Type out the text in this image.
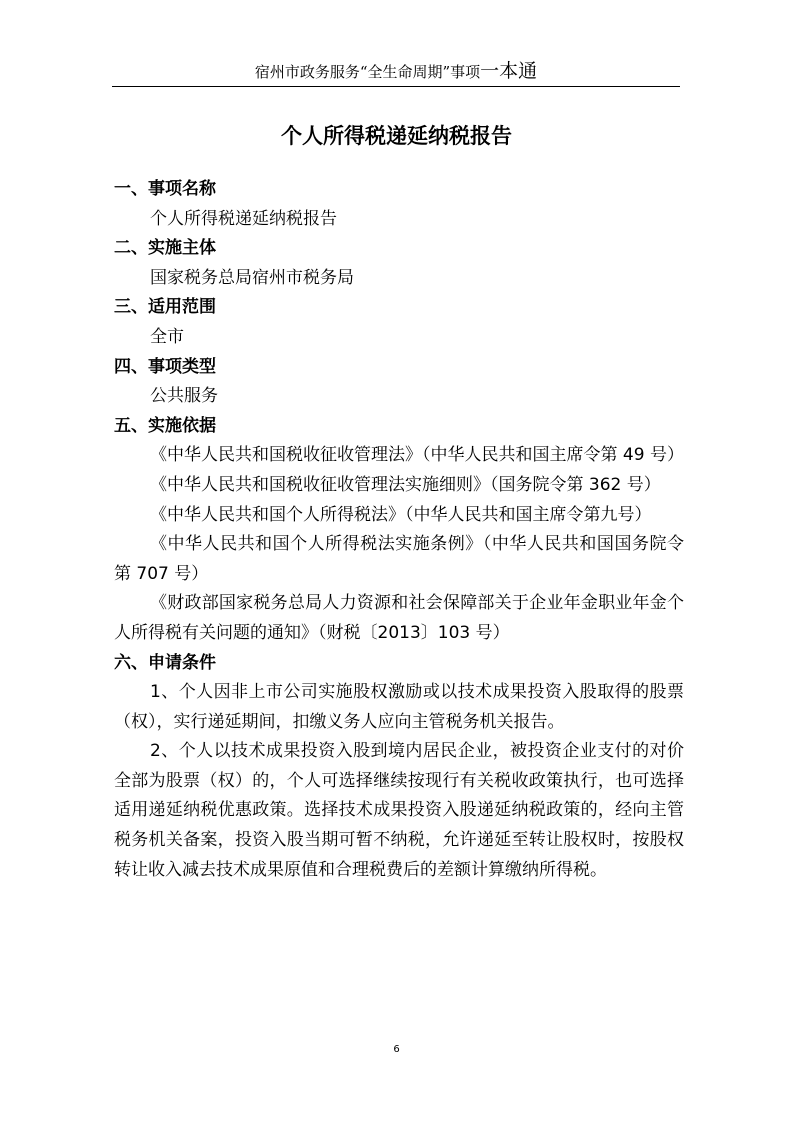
宿州市政务服务“全生命周期”事项一本通
个人所得税递延纳税报告
一、事项名称
个人所得税递延纳税报告
二、实施主体
国家税务总局宿州市税务局
三、适用范围
全市
四、事项类型
公共服务
五、实施依据
《中华人民共和国税收征收管理法》（中华人民共和国主席令第 49 号）
《中华人民共和国税收征收管理法实施细则》（国务院令第 362 号）
《中华人民共和国个人所得税法》（中华人民共和国主席令第九号）
《中华人民共和国个人所得税法实施条例》（中华人民共和国国务院令第 707 号）
《财政部国家税务总局人力资源和社会保障部关于企业年金职业年金个人所得税有关问题的通知》（财税〔2013〕103 号）
六、申请条件
1、个人因非上市公司实施股权激励或以技术成果投资入股取得的股票（权），实行递延期间，扣缴义务人应向主管税务机关报告。
2、个人以技术成果投资入股到境内居民企业，被投资企业支付的对价全部为股票（权）的，个人可选择继续按现行有关税收政策执行，也可选择适用递延纳税优惠政策。选择技术成果投资入股递延纳税政策的，经向主管税务机关备案，投资入股当期可暂不纳税，允许递延至转让股权时，按股权转让收入减去技术成果原值和合理税费后的差额计算缴纳所得税。
6
